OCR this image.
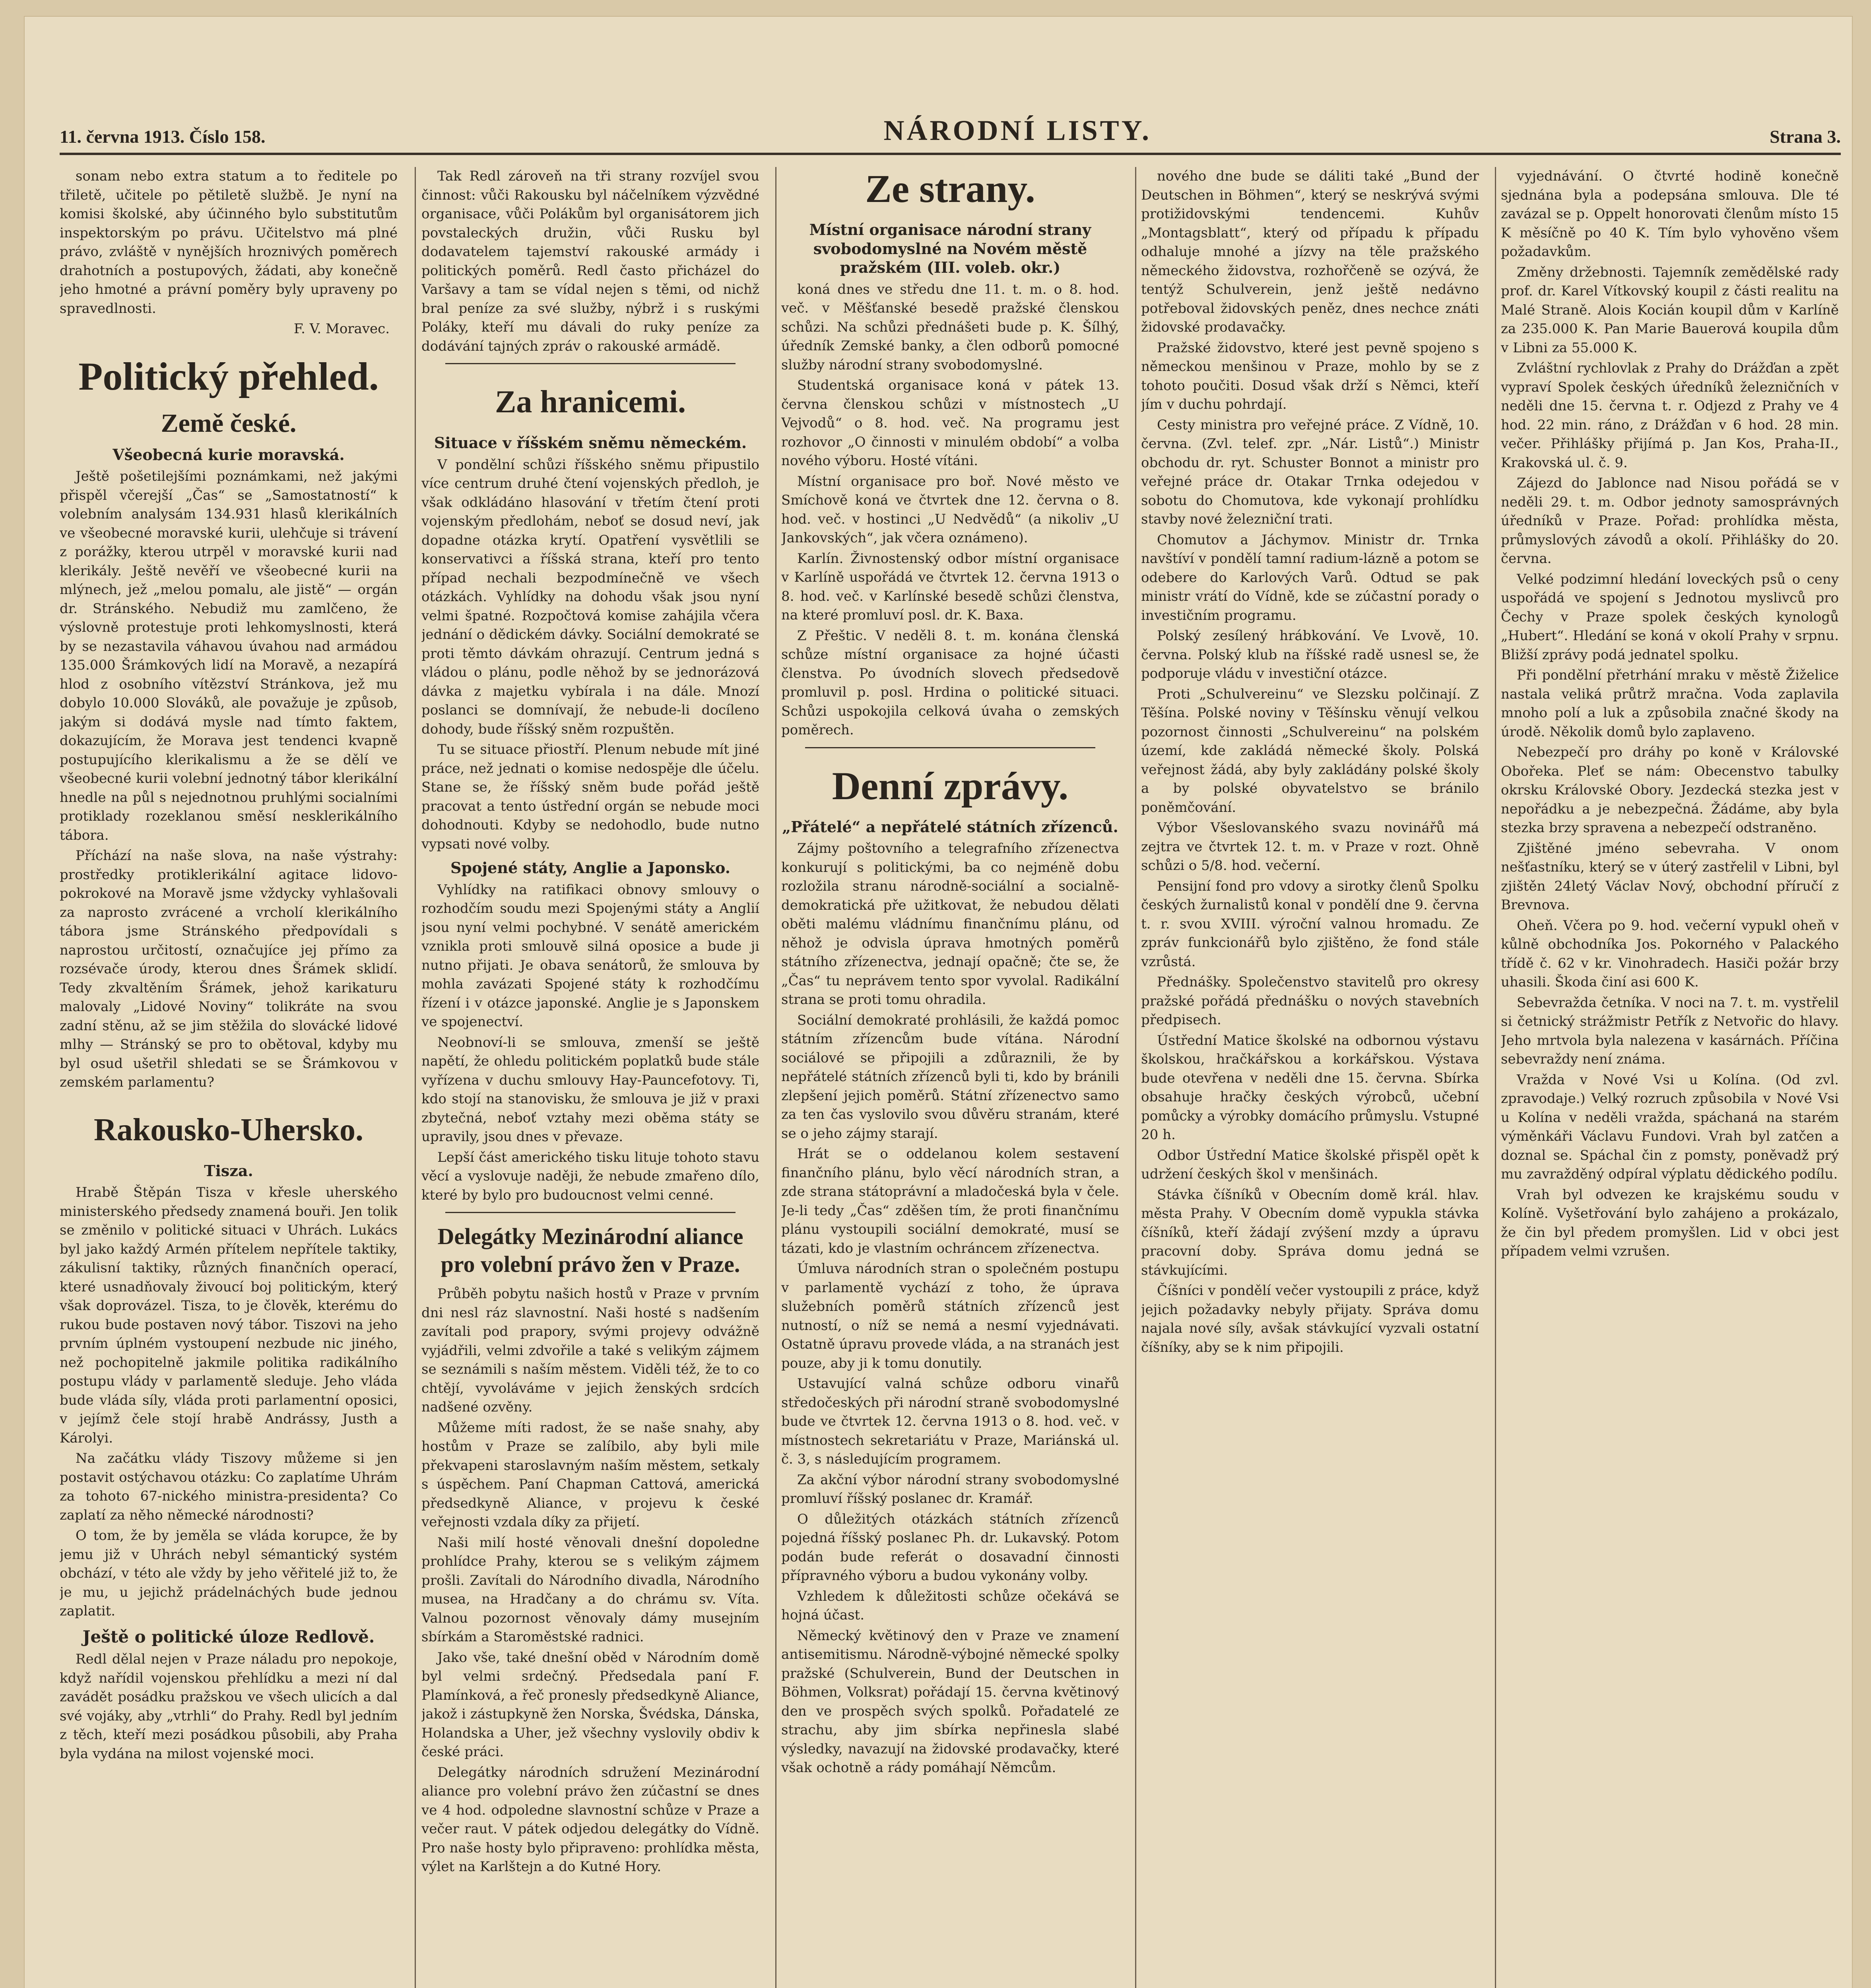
11. června 1913. Číslo 158.	NÁRODNÍ LISTY.	Strana 3.

sonam nebo extra statum a to ředitele po třiletě, učitele po pětiletě službě. Je nyní na komisi školské, aby účinného bylo substitutům inspektorským po právu. Učitelstvo má plné právo, zvláště v nynějších hroznivých poměrech drahotních a postupových, žádati, aby konečně jeho hmotné a právní poměry byly upraveny po spravedlnosti.

F. V. Moravec.
Politický přehled.
Země české.
Všeobecná kurie moravská.

Ještě pošetilejšími poznámkami, než jakými přispěl včerejší „Čas“ se „Samostatností“ k volebním analysám 134.931 hlasů klerikálních ve všeobecné moravské kurii, ulehčuje si trávení z porážky, kterou utrpěl v moravské kurii nad klerikály. Ještě nevěří ve všeobecné kurii na mlýnech, jež „melou pomalu, ale jistě“ — orgán dr. Stránského. Nebudiž mu zamlčeno, že výslovně protestuje proti lehkomyslnosti, která by se nezastavila váhavou úvahou nad armádou 135.000 Šrámkových lidí na Moravě, a nezapírá hlod z osobního vítězství Stránkova, jež mu dobylo 10.000 Slováků, ale považuje je způsob, jakým si dodává mysle nad tímto faktem, dokazujícím, že Morava jest tendenci kvapně postupujícího klerikalismu a že se dělí ve všeobecné kurii volební jednotný tábor klerikální hnedle na půl s nejednotnou pruhlými socialními protiklady rozeklanou směsí nesklerikálního tábora.

Příchází na naše slova, na naše výstrahy: prostředky protiklerikální agitace lidovo-pokrokové na Moravě jsme vždycky vyhlašovali za naprosto zvrácené a vrcholí klerikálního tábora jsme Stránského předpovídali s naprostou určitostí, označujíce jej přímo za rozsévače úrody, kterou dnes Šrámek sklidí. Tedy zkvaltěním Šrámek, jehož karikaturu malovaly „Lidové Noviny“ tolikráte na svou zadní stěnu, až se jim stěžila do slovácké lidové mlhy — Stránský se pro to obětoval, kdyby mu byl osud ušetřil shledati se se Šrámkovou v zemském parlamentu?

Rakousko-Uhersko.
Tisza.

Hrabě Štěpán Tisza v křesle uherského ministerského předsedy znamená bouři. Jen tolik se změnilo v politické situaci v Uhrách. Lukács byl jako každý Armén přítelem nepřítele taktiky, zákulisní taktiky, různých finančních operací, které usnadňovaly živoucí boj politickým, který však doprovázel. Tisza, to je člověk, kterému do rukou bude postaven nový tábor. Tiszovi na jeho prvním úplném vystoupení nezbude nic jiného, než pochopitelně jakmile politika radikálního postupu vlády v parlamentě sleduje. Jeho vláda bude vláda síly, vláda proti parlamentní oposici, v jejímž čele stojí hrabě Andrássy, Justh a Károlyi.

Na začátku vlády Tiszovy můžeme si jen postavit ostýchavou otázku: Co zaplatíme Uhrám za tohoto 67-nického ministra-presidenta? Co zaplatí za něho německé národnosti?

O tom, že by jeměla se vláda korupce, že by jemu již v Uhrách nebyl sémantický systém obchází, v této ale vždy by jeho věřitelé již to, že je mu, u jejichž prádelnáchých bude jednou zaplatit.

Ještě o politické úloze Redlově.

Redl dělal nejen v Praze náladu pro nepokoje, když nařídil vojenskou přehlídku a mezi ní dal zavádět posádku pražskou ve všech ulicích a dal své vojáky, aby „vtrhli“ do Prahy. Redl byl jedním z těch, kteří mezi posádkou působili, aby Praha byla vydána na milost vojenské moci.

Tak Redl zároveň na tři strany rozvíjel svou činnost: vůči Rakousku byl náčelníkem výzvědné organisace, vůči Polákům byl organisátorem jich povstaleckých družin, vůči Rusku byl dodavatelem tajemství rakouské armády i politických poměrů. Redl často přicházel do Varšavy a tam se vídal nejen s těmi, od nichž bral peníze za své služby, nýbrž i s ruskými Poláky, kteří mu dávali do ruky peníze za dodávání tajných zpráv o rakouské armádě.

Za hranicemi.
Situace v říšském sněmu německém.

V pondělní schůzi říšského sněmu připustilo více centrum druhé čtení vojenských předloh, je však odkládáno hlasování v třetím čtení proti vojenským předlohám, neboť se dosud neví, jak dopadne otázka krytí. Opatření vysvětlili se konservativci a říšská strana, kteří pro tento případ nechali bezpodmínečně ve všech otázkách. Vyhlídky na dohodu však jsou nyní velmi špatné. Rozpočtová komise zahájila včera jednání o dědickém dávky. Sociální demokraté se proti těmto dávkám ohrazují. Centrum jedná s vládou o plánu, podle něhož by se jednorázová dávka z majetku vybírala i na dále. Mnozí poslanci se domnívají, že nebude-li docíleno dohody, bude říšský sněm rozpuštěn.

Tu se situace přiostří. Plenum nebude mít jiné práce, než jednati o komise nedospěje dle účelu. Stane se, že říšský sněm bude pořád ještě pracovat a tento ústřední orgán se nebude moci dohodnouti. Kdyby se nedohodlo, bude nutno vypsati nové volby.

Spojené státy, Anglie a Japonsko.

Vyhlídky na ratifikaci obnovy smlouvy o rozhodčím soudu mezi Spojenými státy a Anglií jsou nyní velmi pochybné. V senátě americkém vznikla proti smlouvě silná oposice a bude ji nutno přijati. Je obava senátorů, že smlouva by mohla zavázati Spojené státy k rozhodčímu řízení i v otázce japonské. Anglie je s Japonskem ve spojenectví.

Neobnoví-li se smlouva, zmenší se ještě napětí, že ohledu politickém poplatků bude stále vyřízena v duchu smlouvy Hay-Pauncefotovy. Ti, kdo stojí na stanovisku, že smlouva je již v praxi zbytečná, neboť vztahy mezi oběma státy se upravily, jsou dnes v převaze.

Lepší část amerického tisku lituje tohoto stavu věcí a vyslovuje naději, že nebude zmařeno dílo, které by bylo pro budoucnost velmi cenné.

Delegátky Mezinárodní aliance pro volební právo žen v Praze.

Průběh pobytu našich hostů v Praze v prvním dni nesl ráz slavnostní. Naši hosté s nadšením zavítali pod prapory, svými projevy odvážně vyjádřili, velmi zdvořile a také s velikým zájmem se seznámili s naším městem. Viděli též, že to co chtějí, vyvoláváme v jejich ženských srdcích nadšené ozvěny.

Můžeme míti radost, že se naše snahy, aby hostům v Praze se zalíbilo, aby byli mile překvapeni staroslavným naším městem, setkaly s úspěchem. Paní Chapman Cattová, americká předsedkyně Aliance, v projevu k české veřejnosti vzdala díky za přijetí.

Naši milí hosté věnovali dnešní dopoledne prohlídce Prahy, kterou se s velikým zájmem prošli. Zavítali do Národního divadla, Národního musea, na Hradčany a do chrámu sv. Víta. Valnou pozornost věnovaly dámy musejním sbírkám a Staroměstské radnici.

Jako vše, také dnešní oběd v Národním domě byl velmi srdečný. Předsedala paní F. Plamínková, a řeč pronesly předsedkyně Aliance, jakož i zástupkyně žen Norska, Švédska, Dánska, Holandska a Uher, jež všechny vyslovily obdiv k české práci.

Delegátky národních sdružení Mezinárodní aliance pro volební právo žen zúčastní se dnes ve 4 hod. odpoledne slavnostní schůze v Praze a večer raut. V pátek odjedou delegátky do Vídně. Pro naše hosty bylo připraveno: prohlídka města, výlet na Karlštejn a do Kutné Hory.

Ze strany.
Místní organisace národní strany svobodomyslné na Novém městě pražském (III. voleb. okr.)

koná dnes ve středu dne 11. t. m. o 8. hod. več. v Měšťanské besedě pražské členskou schůzi. Na schůzi přednášeti bude p. K. Šílhý, úředník Zemské banky, a člen odborů pomocné služby národní strany svobodomyslné.

Studentská organisace koná v pátek 13. června členskou schůzi v místnostech „U Vejvodů“ o 8. hod. več. Na programu jest rozhovor „O činnosti v minulém období“ a volba nového výboru. Hosté vítáni.

Místní organisace pro boř. Nové město ve Smíchově koná ve čtvrtek dne 12. června o 8. hod. več. v hostinci „U Nedvědů“ (a nikoliv „U Jankovských“, jak včera oznámeno).

Karlín. Živnostenský odbor místní organisace v Karlíně uspořádá ve čtvrtek 12. června 1913 o 8. hod. več. v Karlínské besedě schůzi členstva, na které promluví posl. dr. K. Baxa.

Z Přeštic. V neděli 8. t. m. konána členská schůze místní organisace za hojné účasti členstva. Po úvodních slovech předsedově promluvil p. posl. Hrdina o politické situaci. Schůzi uspokojila celková úvaha o zemských poměrech.

Denní zprávy.
„Přátelé“ a nepřátelé státních zřízenců.

Zájmy poštovního a telegrafního zřízenectva konkurují s politickými, ba co nejméně dobu rozložila stranu národně-sociální a socialně-demokratická pře užitkovat, že nebudou dělati oběti malému vládnímu finančnímu plánu, od něhož je odvisla úprava hmotných poměrů státního zřízenectva, jednají opačně; čte se, že „Čas“ tu neprávem tento spor vyvolal. Radikální strana se proti tomu ohradila.

Sociální demokraté prohlásili, že každá pomoc státním zřízencům bude vítána. Národní sociálové se připojili a zdůraznili, že by nepřátelé státních zřízenců byli ti, kdo by bránili zlepšení jejich poměrů. Státní zřízenectvo samo za ten čas vyslovilo svou důvěru stranám, které se o jeho zájmy starají.

Hrát se o oddelanou kolem sestavení finančního plánu, bylo věcí národních stran, a zde strana státoprávní a mladočeská byla v čele. Je-li tedy „Čas“ zděšen tím, že proti finančnímu plánu vystoupili sociální demokraté, musí se tázati, kdo je vlastním ochráncem zřízenectva.

Úmluva národních stran o společném postupu v parlamentě vychází z toho, že úprava služebních poměrů státních zřízenců jest nutností, o níž se nemá a nesmí vyjednávati. Ostatně úpravu provede vláda, a na stranách jest pouze, aby ji k tomu donutily.

Ustavující valná schůze odboru vinařů středočeských při národní straně svobodomyslné bude ve čtvrtek 12. června 1913 o 8. hod. več. v místnostech sekretariátu v Praze, Mariánská ul. č. 3, s následujícím programem.

Za akční výbor národní strany svobodomyslné promluví říšský poslanec dr. Kramář.

O důležitých otázkách státních zřízenců pojedná říšský poslanec Ph. dr. Lukavský. Potom podán bude referát o dosavadní činnosti přípravného výboru a budou vykonány volby.

Vzhledem k důležitosti schůze očekává se hojná účast.

Německý květinový den v Praze ve znamení antisemitismu. Národně-výbojné německé spolky pražské (Schulverein, Bund der Deutschen in Böhmen, Volksrat) pořádají 15. června květinový den ve prospěch svých spolků. Pořadatelé ze strachu, aby jim sbírka nepřinesla slabé výsledky, navazují na židovské prodavačky, které však ochotně a rády pomáhají Němcům.

nového dne bude se dáliti také „Bund der Deutschen in Böhmen“, který se neskrývá svými protižidovskými tendencemi. Kuhův „Montagsblatt“, který od případu k případu odhaluje mnohé a jízvy na těle pražského německého židovstva, rozhořčeně se ozývá, že tentýž Schulverein, jenž ještě nedávno potřeboval židovských peněz, dnes nechce znáti židovské prodavačky.

Pražské židovstvo, které jest pevně spojeno s německou menšinou v Praze, mohlo by se z tohoto poučiti. Dosud však drží s Němci, kteří jím v duchu pohrdají.

Cesty ministra pro veřejné práce. Z Vídně, 10. června. (Zvl. telef. zpr. „Nár. Listů“.) Ministr obchodu dr. ryt. Schuster Bonnot a ministr pro veřejné práce dr. Otakar Trnka odejedou v sobotu do Chomutova, kde vykonají prohlídku stavby nové železniční trati.

Chomutov a Jáchymov. Ministr dr. Trnka navštíví v pondělí tamní radium-lázně a potom se odebere do Karlových Varů. Odtud se pak ministr vrátí do Vídně, kde se zúčastní porady o investičním programu.

Polský zesílený hrábkování. Ve Lvově, 10. června. Polský klub na říšské radě usnesl se, že podporuje vládu v investiční otázce.

Proti „Schulvereinu“ ve Slezsku polčinají. Z Těšína. Polské noviny v Těšínsku věnují velkou pozornost činnosti „Schulvereinu“ na polském území, kde zakládá německé školy. Polská veřejnost žádá, aby byly zakládány polské školy a by polské obyvatelstvo se bránilo poněmčování.

Výbor Všeslovanského svazu novinářů má zejtra ve čtvrtek 12. t. m. v Praze v rozt. Ohně schůzi o 5/8. hod. večerní.

Pensijní fond pro vdovy a sirotky členů Spolku českých žurnalistů konal v pondělí dne 9. června t. r. svou XVIII. výroční valnou hromadu. Ze zpráv funkcionářů bylo zjištěno, že fond stále vzrůstá.

Přednášky. Společenstvo stavitelů pro okresy pražské pořádá přednášku o nových stavebních předpisech.

Ústřední Matice školské na odbornou výstavu školskou, hračkářskou a korkářskou. Výstava bude otevřena v neděli dne 15. června. Sbírka obsahuje hračky českých výrobců, učební pomůcky a výrobky domácího průmyslu. Vstupné 20 h.

Odbor Ústřední Matice školské přispěl opět k udržení českých škol v menšinách.

Stávka číšníků v Obecním domě král. hlav. města Prahy. V Obecním domě vypukla stávka číšníků, kteří žádají zvýšení mzdy a úpravu pracovní doby. Správa domu jedná se stávkujícími.

Číšníci v pondělí večer vystoupili z práce, když jejich požadavky nebyly přijaty. Správa domu najala nové síly, avšak stávkující vyzvali ostatní číšníky, aby se k nim připojili.

vyjednávání. O čtvrté hodině konečně sjednána byla a podepsána smlouva. Dle té zavázal se p. Oppelt honorovati členům místo 15 K měsíčně po 40 K. Tím bylo vyhověno všem požadavkům.

Změny držebnosti. Tajemník zemědělské rady prof. dr. Karel Vítkovský koupil z části realitu na Malé Straně. Alois Kocián koupil dům v Karlíně za 235.000 K. Pan Marie Bauerová koupila dům v Libni za 55.000 K.

Zvláštní rychlovlak z Prahy do Drážďan a zpět vypraví Spolek českých úředníků železničních v neděli dne 15. června t. r. Odjezd z Prahy ve 4 hod. 22 min. ráno, z Drážďan v 6 hod. 28 min. večer. Přihlášky přijímá p. Jan Kos, Praha-II., Krakovská ul. č. 9.

Zájezd do Jablonce nad Nisou pořádá se v neděli 29. t. m. Odbor jednoty samosprávných úředníků v Praze. Pořad: prohlídka města, průmyslových závodů a okolí. Přihlášky do 20. června.

Velké podzimní hledání loveckých psů o ceny uspořádá ve spojení s Jednotou myslivců pro Čechy v Praze spolek českých kynologů „Hubert“. Hledání se koná v okolí Prahy v srpnu. Bližší zprávy podá jednatel spolku.

Při pondělní přetrhání mraku v městě Žiželice nastala veliká průtrž mračna. Voda zaplavila mnoho polí a luk a způsobila značné škody na úrodě. Několik domů bylo zaplaveno.

Nebezpečí pro dráhy po koně v Královské Obořeka. Pleť se nám: Obecenstvo tabulky okrsku Královské Obory. Jezdecká stezka jest v nepořádku a je nebezpečná. Žádáme, aby byla stezka brzy spravena a nebezpečí odstraněno.

Zjištěné jméno sebevraha. V onom nešťastníku, který se v úterý zastřelil v Libni, byl zjištěn 24letý Václav Nový, obchodní příručí z Brevnova.

Oheň. Včera po 9. hod. večerní vypukl oheň v kůlně obchodníka Jos. Pokorného v Palackého třídě č. 62 v kr. Vinohradech. Hasiči požár brzy uhasili. Škoda činí asi 600 K.

Sebevražda četníka. V noci na 7. t. m. vystřelil si četnický strážmistr Petřík z Netvořic do hlavy. Jeho mrtvola byla nalezena v kasárnách. Příčina sebevraždy není známa.

Vražda v Nové Vsi u Kolína. (Od zvl. zpravodaje.) Velký rozruch způsobila v Nové Vsi u Kolína v neděli vražda, spáchaná na starém výměnkáři Václavu Fundovi. Vrah byl zatčen a doznal se. Spáchal čin z pomsty, poněvadž prý mu zavražděný odpíral výplatu dědického podílu.

Vrah byl odvezen ke krajskému soudu v Kolíně. Vyšetřování bylo zahájeno a prokázalo, že čin byl předem promyšlen. Lid v obci jest případem velmi vzrušen.
